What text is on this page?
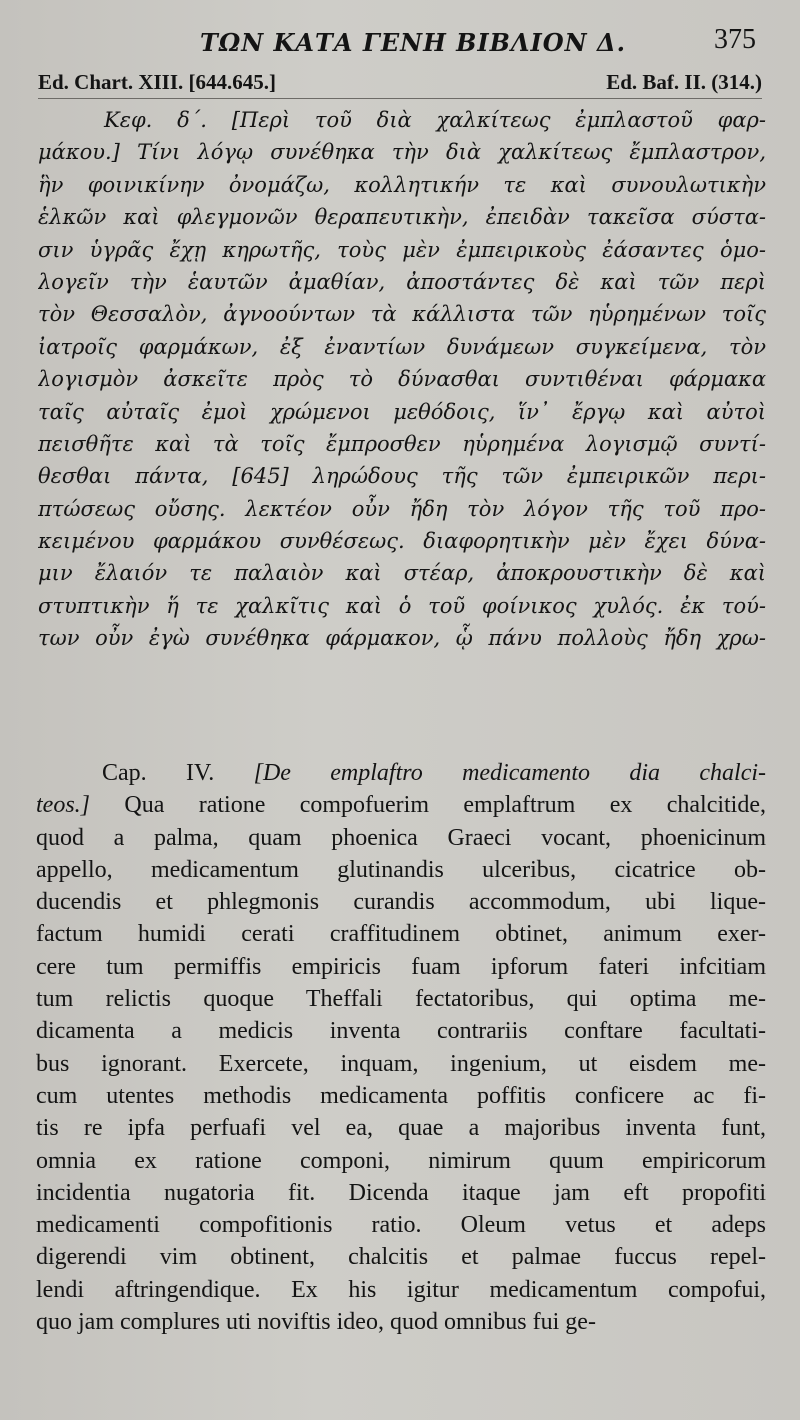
ΤΩΝ ΚΑΤΑ ΓΕΝΗ ΒΙΒΛΙΟΝ Δ.	375
Ed. Chart. XIII. [644.645.]	Ed. Baf. II. (314.)
Κεφ. δ΄. [Περὶ τοῦ διὰ χαλκίτεως ἐμπλαστοῦ φαρ-
μάκου.] Τίνι λόγῳ συνέθηκα τὴν διὰ χαλκίτεως ἔμπλαστρον,
ἣν φοινικίνην ὀνομάζω, κολλητικήν τε καὶ συνουλωτικὴν
ἑλκῶν καὶ φλεγμονῶν θεραπευτικὴν, ἐπειδὰν τακεῖσα σύστα-
σιν ὑγρᾶς ἔχῃ κηρωτῆς, τοὺς μὲν ἐμπειρικοὺς ἐάσαντες ὁμο-
λογεῖν τὴν ἑαυτῶν ἀμαθίαν, ἀποστάντες δὲ καὶ τῶν περὶ
τὸν Θεσσαλὸν, ἀγνοούντων τὰ κάλλιστα τῶν ηὑρημένων τοῖς
ἰατροῖς φαρμάκων, ἐξ ἐναντίων δυνάμεων συγκείμενα, τὸν
λογισμὸν ἀσκεῖτε πρὸς τὸ δύνασθαι συντιθέναι φάρμακα
ταῖς αὐταῖς ἐμοὶ χρώμενοι μεθόδοις, ἵν᾽ ἔργῳ καὶ αὐτοὶ
πεισθῆτε καὶ τὰ τοῖς ἔμπροσθεν ηὑρημένα λογισμῷ συντί-
θεσθαι πάντα, [645] ληρώδους τῆς τῶν ἐμπειρικῶν περι-
πτώσεως οὔσης. λεκτέον οὖν ἤδη τὸν λόγον τῆς τοῦ προ-
κειμένου φαρμάκου συνθέσεως. διαφορητικὴν μὲν ἔχει δύνα-
μιν ἔλαιόν τε παλαιὸν καὶ στέαρ, ἀποκρουστικὴν δὲ καὶ
στυπτικὴν ἥ τε χαλκῖτις καὶ ὁ τοῦ φοίνικος χυλός. ἐκ τού-
των οὖν ἐγὼ συνέθηκα φάρμακον, ᾧ πάνυ πολλοὺς ἤδη χρω-
Cap. IV. [De emplaftro medicamento dia chalci-
teos.] Qua ratione compofuerim emplaftrum ex chalcitide,
quod a palma, quam phoenica Graeci vocant, phoenicinum
appello, medicamentum glutinandis ulceribus, cicatrice ob-
ducendis et phlegmonis curandis accommodum, ubi lique-
factum humidi cerati craffitudinem obtinet, animum exer-
cere tum permiffis empiricis fuam ipforum fateri infcitiam
tum relictis quoque Theffali fectatoribus, qui optima me-
dicamenta a medicis inventa contrariis conftare facultati-
bus ignorant. Exercete, inquam, ingenium, ut eisdem me-
cum utentes methodis medicamenta poffitis conficere ac fi-
tis re ipfa perfuafi vel ea, quae a majoribus inventa funt,
omnia ex ratione componi, nimirum quum empiricorum
incidentia nugatoria fit. Dicenda itaque jam eft propofiti
medicamenti compofitionis ratio. Oleum vetus et adeps
digerendi vim obtinent, chalcitis et palmae fuccus repel-
lendi aftringendique. Ex his igitur medicamentum compofui,
quo jam complures uti noviftis ideo, quod omnibus fui ge-
